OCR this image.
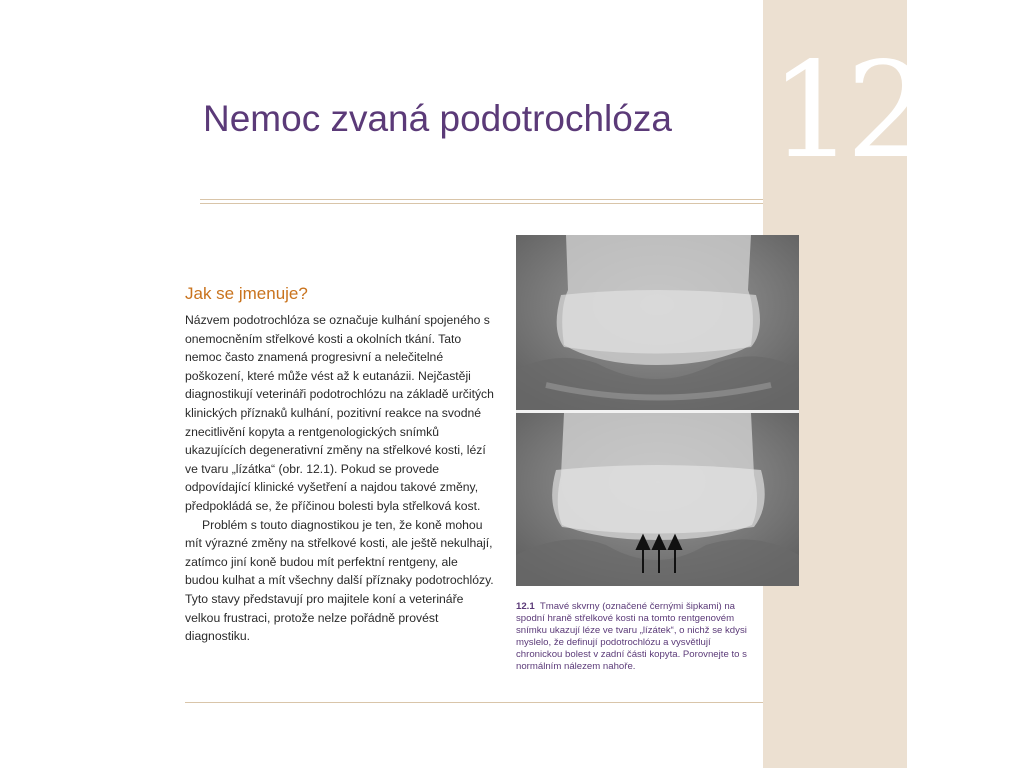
12
Nemoc zvaná podotrochlóza
Jak se jmenuje?

Názvem podotrochlóza se označuje kulhání spojeného s onemocněním střelkové kosti a okolních tkání. Tato nemoc často znamená progresivní a nelečitelné poškození, které může vést až k eutanázii. Nejčastěji diagnostikují veterináři podotrochlózu na základě určitých klinických příznaků kulhání, pozitivní reakce na svodné znecitlivění kopyta a rentgenologických snímků ukazujících degenerativní změny na střelkové kosti, lézí ve tvaru „lízátka“ (obr. 12.1). Pokud se provede odpovídající klinické vyšetření a najdou takové změny, předpokládá se, že příčinou bolesti byla střelková kost.

Problém s touto diagnostikou je ten, že koně mohou mít výrazné změny na střelkové kosti, ale ještě nekulhají, zatímco jiní koně budou mít perfektní rentgeny, ale budou kulhat a mít všechny další příznaky podotrochlózy. Tyto stavy představují pro majitele koní a veterináře velkou frustraci, protože nelze pořádně provést diagnostiku.

12.1 Tmavé skvrny (označené černými šipkami) na spodní hraně střelkové kosti na tomto rentgenovém snímku ukazují léze ve tvaru „lízátek“, o nichž se kdysi myslelo, že definují podotrochlózu a vysvětlují chronickou bolest v zadní části kopyta. Porovnejte to s normálním nálezem nahoře.
